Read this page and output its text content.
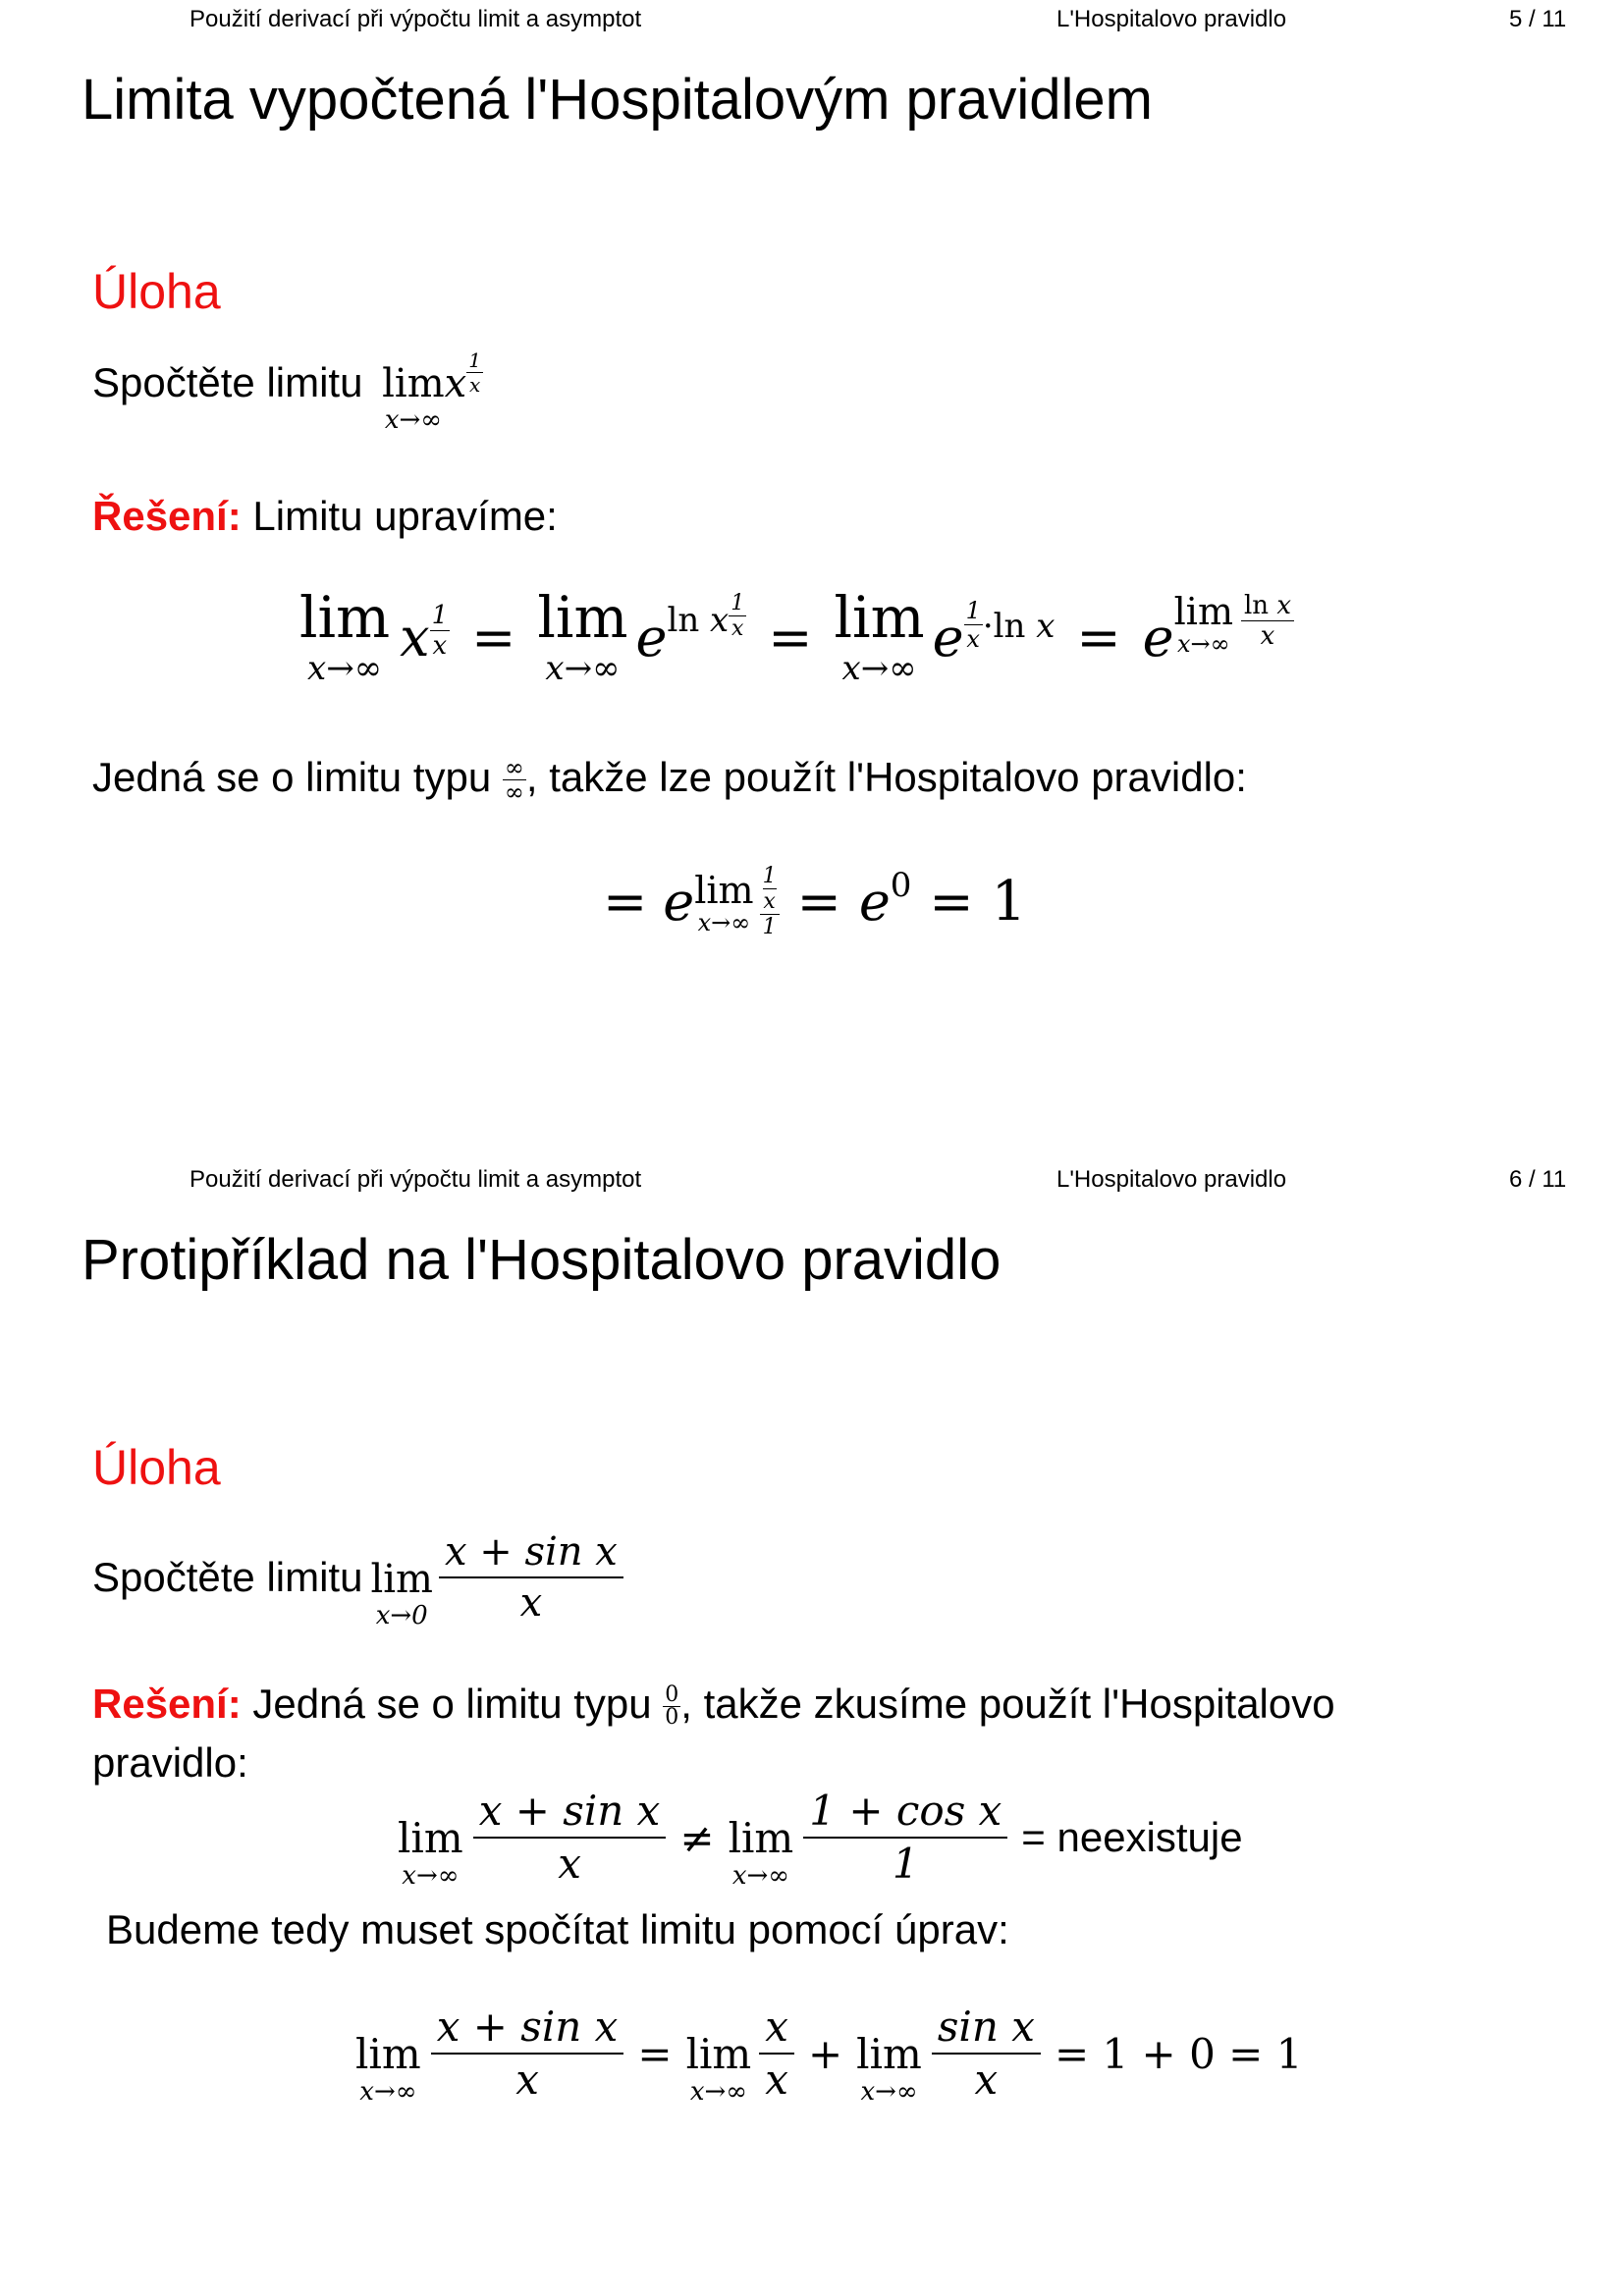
Použití derivací při výpočtu limit a asymptot	L'Hospitalovo pravidlo	5 / 11
Limita vypočtená l'Hospitalovým pravidlem
Úloha
Spočtěte limitu lim
x→∞
x $\frac{1}{x}$
Řešení: Limitu upravíme:
lim
x→∞
x $\frac{1}{x} = \lim$
x→∞
e ln x $\frac{1}{x} = \lim$
x→∞
e 1
x ·ln x = e lim
x→∞
ln x
x
Jedná se o limitu typu ∞
∞ , takže lze použít l'Hospitalovo pravidlo:
= e lim
x→∞ 1
x
1 = e 0 = 1
Použití derivací při výpočtu limit a asymptot	L'Hospitalovo pravidlo	6 / 11
Protipříklad na l'Hospitalovo pravidlo
Úloha
Spočtěte limitu lim
$x\to 0 \frac{\text{x + sin x}}{x}$
Rešení: Jedná se o limitu typu $\frac{0}{0}$ , takže zkusíme použít l'Hospitalovo
pravidlo:
lim
$x\to\infty \frac{\text{x + sin x}}{x} \ne \lim$
$x\to\infty \frac{\text{1 + cos x}}{1}$ = neexistuje
Budeme tedy muset spočítat limitu pomocí úprav:
lim
$x\to\infty \frac{\text{x + sin x}}{x} = \lim$
$x\to\infty \frac{x}{x} + \lim$
$x\to\infty \frac{\text{sin x}}{x} = 1 + 0 = 1$
